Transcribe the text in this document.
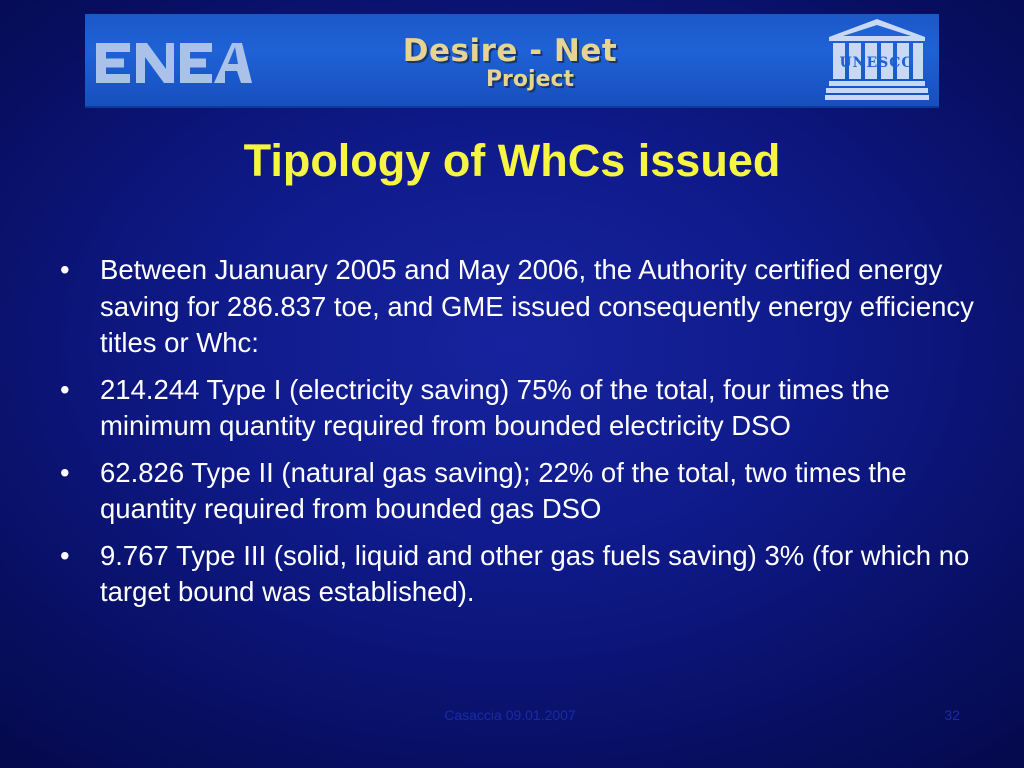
Desire - Net
Project
UNESCO
Tipology of WhCs issued
• Between Juanuary 2005 and May 2006, the Authority certified energy saving for 286.837 toe, and GME issued consequently energy efficiency titles or Whc:
• 214.244 Type I (electricity saving) 75% of the total, four times the minimum quantity required from bounded electricity DSO
• 62.826 Type II (natural gas saving); 22% of the total, two times the quantity required from bounded gas DSO
• 9.767 Type III (solid, liquid and other gas fuels saving) 3% (for which no target bound was established).
Casaccia 09.01.2007	32
